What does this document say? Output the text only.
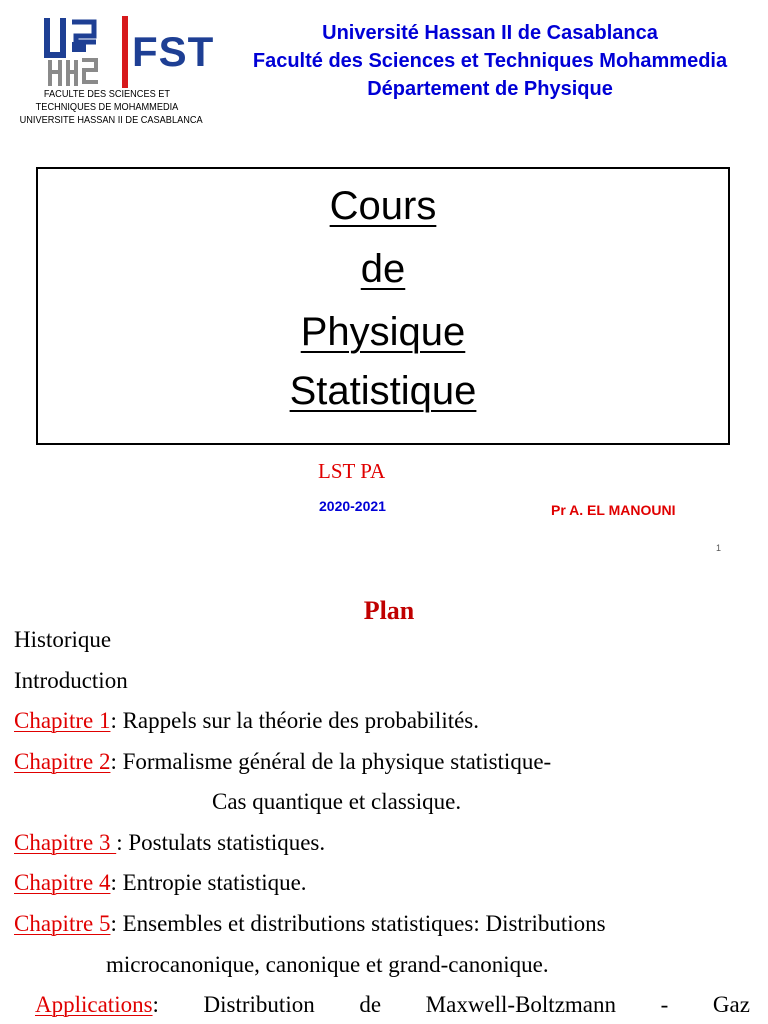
FST
FACULTE DES SCIENCES ET
TECHNIQUES DE MOHAMMEDIA
UNIVERSITE HASSAN II DE CASABLANCA
Université Hassan II de Casablanca
Faculté des Sciences et Techniques Mohammedia
Département de Physique
Cours
de
Physique
Statistique
LST PA
2020-2021	Pr A. EL MANOUNI
1
Plan
Historique
Introduction
Chapitre 1: Rappels sur la théorie des probabilités.
Chapitre 2: Formalisme général de la physique statistique-
Cas quantique et classique.
Chapitre 3 : Postulats statistiques.
Chapitre 4: Entropie statistique.
Chapitre 5: Ensembles et distributions statistiques: Distributions
microcanonique, canonique et grand-canonique.
Applications: Distribution de Maxwell-Boltzmann - Gaz
